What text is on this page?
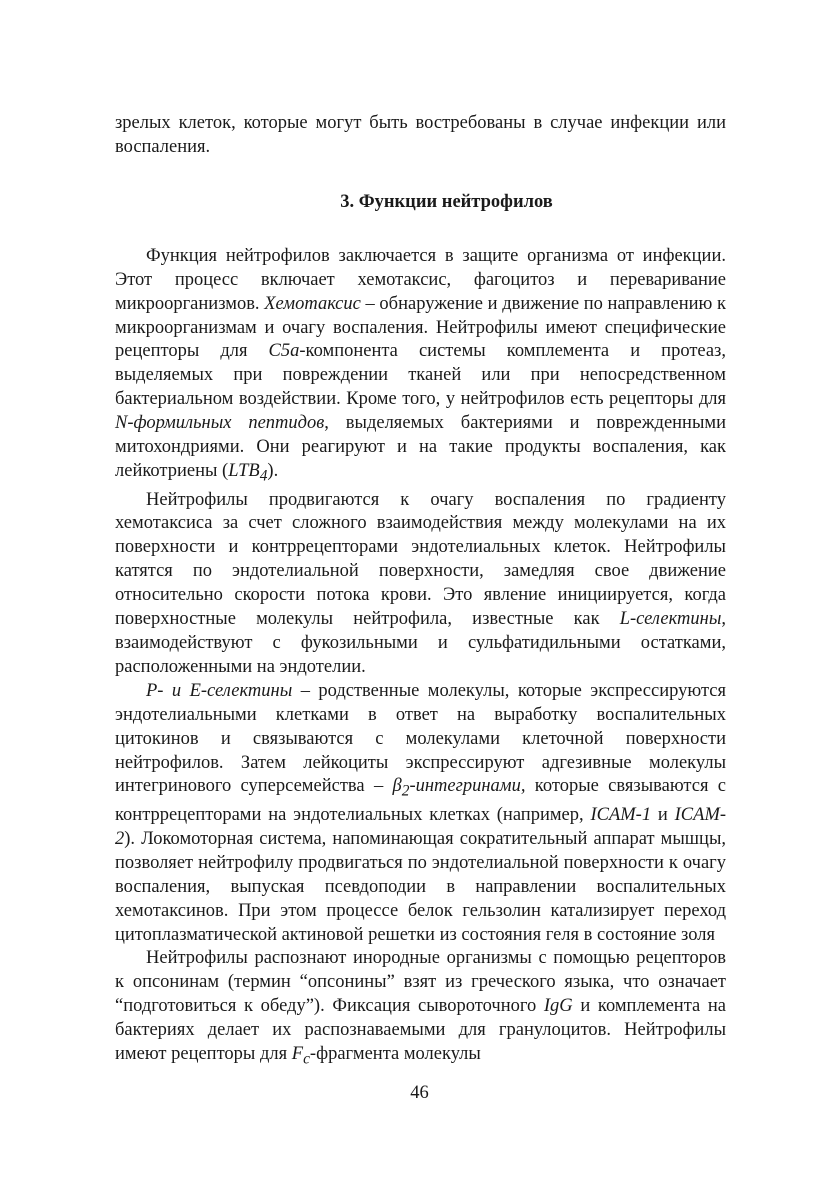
зрелых клеток, которые могут быть востребованы в случае инфекции или воспаления.

3. Функции нейтрофилов

Функция нейтрофилов заключается в защите организма от инфекции. Этот процесс включает хемотаксис, фагоцитоз и переваривание микроорганизмов. Хемотаксис – обнаружение и движение по направлению к микроорганизмам и очагу воспаления. Нейтрофилы имеют специфические рецепторы для C5a-компонента системы комплемента и протеаз, выделяемых при повреждении тканей или при непосредственном бактериальном воздействии. Кроме того, у нейтрофилов есть рецепторы для N-формильных пептидов, выделяемых бактериями и поврежденными митохондриями. Они реагируют и на такие продукты воспаления, как лейкотриены $(LTB_4)$.

Нейтрофилы продвигаются к очагу воспаления по градиенту хемотаксиса за счет сложного взаимодействия между молекулами на их поверхности и контррецепторами эндотелиальных клеток. Нейтрофилы катятся по эндотелиальной поверхности, замедляя свое движение относительно скорости потока крови. Это явление инициируется, когда поверхностные молекулы нейтрофила, известные как L-селектины, взаимодействуют с фукозильными и сульфатидильными остатками, расположенными на эндотелии.

P- и E-селектины – родственные молекулы, которые экспрессируются эндотелиальными клетками в ответ на выработку воспалительных цитокинов и связываются с молекулами клеточной поверхности нейтрофилов. Затем лейкоциты экспрессируют адгезивные молекулы интегринового суперсемейства – $\beta_2$-интегринами, которые связываются с контррецепторами на эндотелиальных клетках (например, ICAM-1 и ICAM-2). Локомоторная система, напоминающая сократительный аппарат мышцы, позволяет нейтрофилу продвигаться по эндотелиальной поверхности к очагу воспаления, выпуская псевдоподии в направлении воспалительных хемотаксинов. При этом процессе белок гельзолин катализирует переход цитоплазматической актиновой решетки из состояния геля в состояние золя

Нейтрофилы распознают инородные организмы с помощью рецепторов к опсонинам (термин “опсонины” взят из греческого языка, что означает “подготовиться к обеду”). Фиксация сывороточного IgG и комплемента на бактериях делает их распознаваемыми для гранулоцитов. Нейтрофилы имеют рецепторы для $F_c$-фрагмента молекулы

46
